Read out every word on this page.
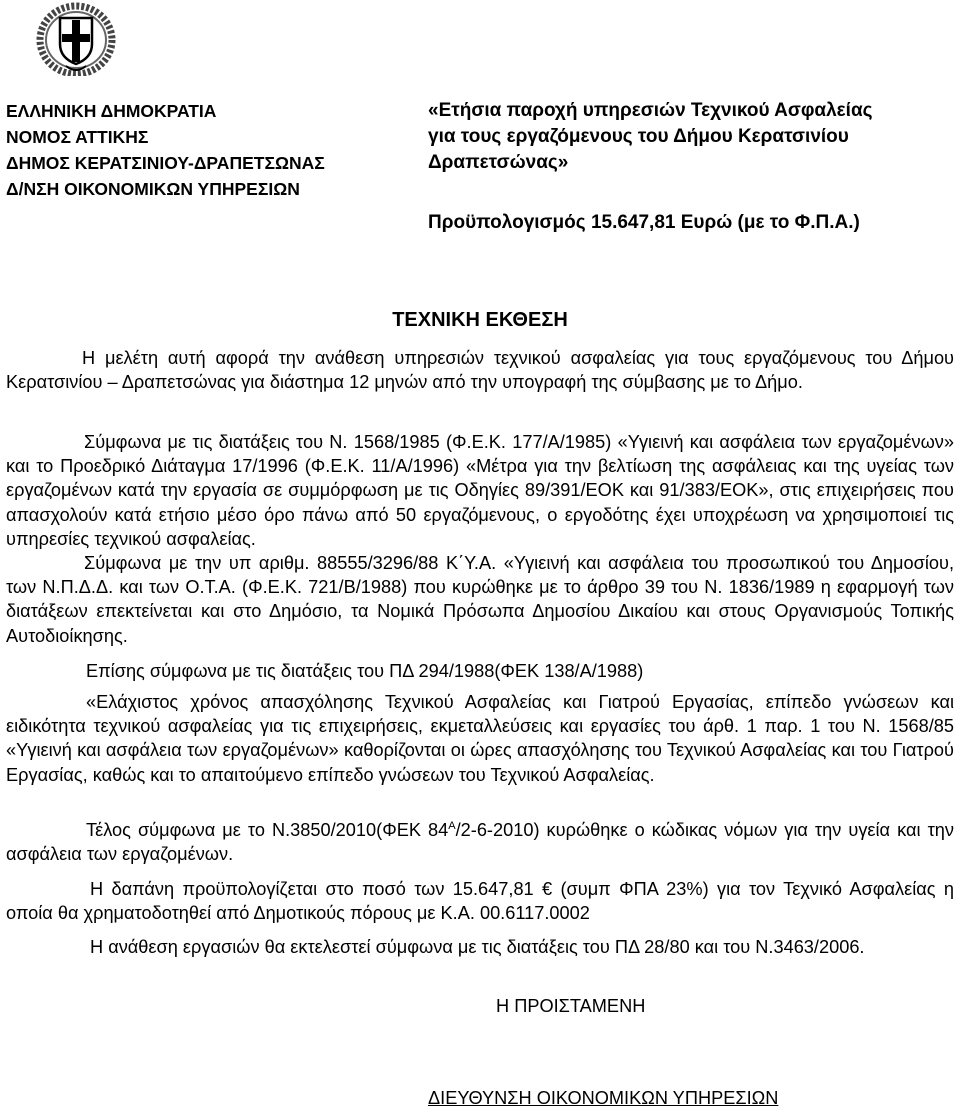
ΕΛΛΗΝΙΚΗ ΔΗΜΟΚΡΑΤΙΑ
ΝΟΜΟΣ ΑΤΤΙΚΗΣ
ΔΗΜΟΣ ΚΕΡΑΤΣΙΝΙΟΥ-ΔΡΑΠΕΤΣΩΝΑΣ
Δ/ΝΣΗ ΟΙΚΟΝΟΜΙΚΩΝ ΥΠΗΡΕΣΙΩΝ
«Ετήσια παροχή υπηρεσιών Τεχνικού Ασφαλείας
για τους εργαζόμενους του Δήμου Κερατσινίου
Δραπετσώνας»
Προϋπολογισμός 15.647,81 Ευρώ (με το Φ.Π.Α.)
ΤΕΧΝΙΚΗ ΕΚΘΕΣΗ

Η μελέτη αυτή αφορά την ανάθεση υπηρεσιών τεχνικού ασφαλείας για τους εργαζόμενους του Δήμου Κερατσινίου – Δραπετσώνας για διάστημα 12 μηνών από την υπογραφή της σύμβασης με το Δήμο.

Σύμφωνα με τις διατάξεις του Ν. 1568/1985 (Φ.Ε.Κ. 177/Α/1985) «Υγιεινή και ασφάλεια των εργαζομένων» και το Προεδρικό Διάταγμα 17/1996 (Φ.Ε.Κ. 11/Α/1996) «Μέτρα για την βελτίωση της ασφάλειας και της υγείας των εργαζομένων κατά την εργασία σε συμμόρφωση με τις Οδηγίες 89/391/ΕΟΚ και 91/383/ΕΟΚ», στις επιχειρήσεις που απασχολούν κατά ετήσιο μέσο όρο πάνω από 50 εργαζόμενους, ο εργοδότης έχει υποχρέωση να χρησιμοποιεί τις υπηρεσίες τεχνικού ασφαλείας.

Σύμφωνα με την υπ αριθμ. 88555/3296/88 Κ΄Υ.Α. «Υγιεινή και ασφάλεια του προσωπικού του Δημοσίου, των Ν.Π.Δ.Δ. και των Ο.Τ.Α. (Φ.Ε.Κ. 721/Β/1988) που κυρώθηκε με το άρθρο 39 του Ν. 1836/1989 η εφαρμογή των διατάξεων επεκτείνεται και στο Δημόσιο, τα Νομικά Πρόσωπα Δημοσίου Δικαίου και στους Οργανισμούς Τοπικής Αυτοδιοίκησης.

Επίσης σύμφωνα με τις διατάξεις του ΠΔ 294/1988(ΦΕΚ 138/Α/1988)

«Ελάχιστος χρόνος απασχόλησης Τεχνικού Ασφαλείας και Γιατρού Εργασίας, επίπεδο γνώσεων και ειδικότητα τεχνικού ασφαλείας για τις επιχειρήσεις, εκμεταλλεύσεις και εργασίες του άρθ. 1 παρ. 1 του Ν. 1568/85 «Υγιεινή και ασφάλεια των εργαζομένων» καθορίζονται οι ώρες απασχόλησης του Τεχνικού Ασφαλείας και του Γιατρού Εργασίας, καθώς και το απαιτούμενο επίπεδο γνώσεων του Τεχνικού Ασφαλείας.

Τέλος σύμφωνα με το Ν.3850/2010(ΦΕΚ $84^A/2-6-2010$) κυρώθηκε ο κώδικας νόμων για την υγεία και την ασφάλεια των εργαζομένων.

Η δαπάνη προϋπολογίζεται στο ποσό των 15.647,81 € (συμπ ΦΠΑ 23%) για τον Τεχνικό Ασφαλείας η οποία θα χρηματοδοτηθεί από Δημοτικούς πόρους με Κ.Α. 00.6117.0002

Η ανάθεση εργασιών θα εκτελεστεί σύμφωνα με τις διατάξεις του ΠΔ 28/80 και του Ν.3463/2006.

Η ΠΡΟΙΣΤΑΜΕΝΗ
ΔΙΕΥΘΥΝΣΗ ΟΙΚΟΝΟΜΙΚΩΝ ΥΠΗΡΕΣΙΩΝ
